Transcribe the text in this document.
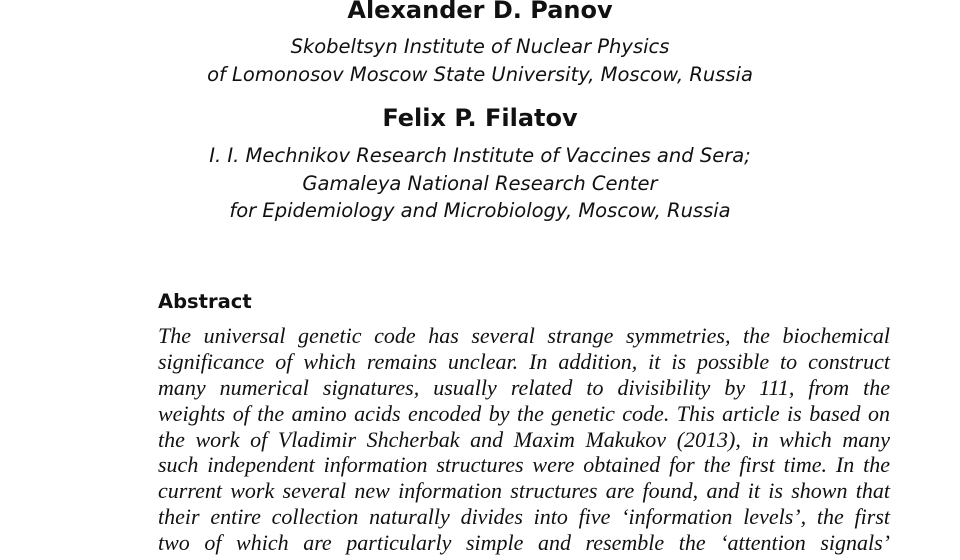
Alexander D. Panov
Skobeltsyn Institute of Nuclear Physics
of Lomonosov Moscow State University, Moscow, Russia
Felix P. Filatov
I. I. Mechnikov Research Institute of Vaccines and Sera;
Gamaleya National Research Center
for Epidemiology and Microbiology, Moscow, Russia
Abstract
The universal genetic code has several strange symmetries, the biochemical
significance of which remains unclear. In addition, it is possible to construct
many numerical signatures, usually related to divisibility by 111, from the
weights of the amino acids encoded by the genetic code. This article is based on
the work of Vladimir Shcherbak and Maxim Makukov (2013), in which many
such independent information structures were obtained for the first time. In the
current work several new information structures are found, and it is shown that
their entire collection naturally divides into five ‘information levels’, the first
two of which are particularly simple and resemble the ‘attention signals’
